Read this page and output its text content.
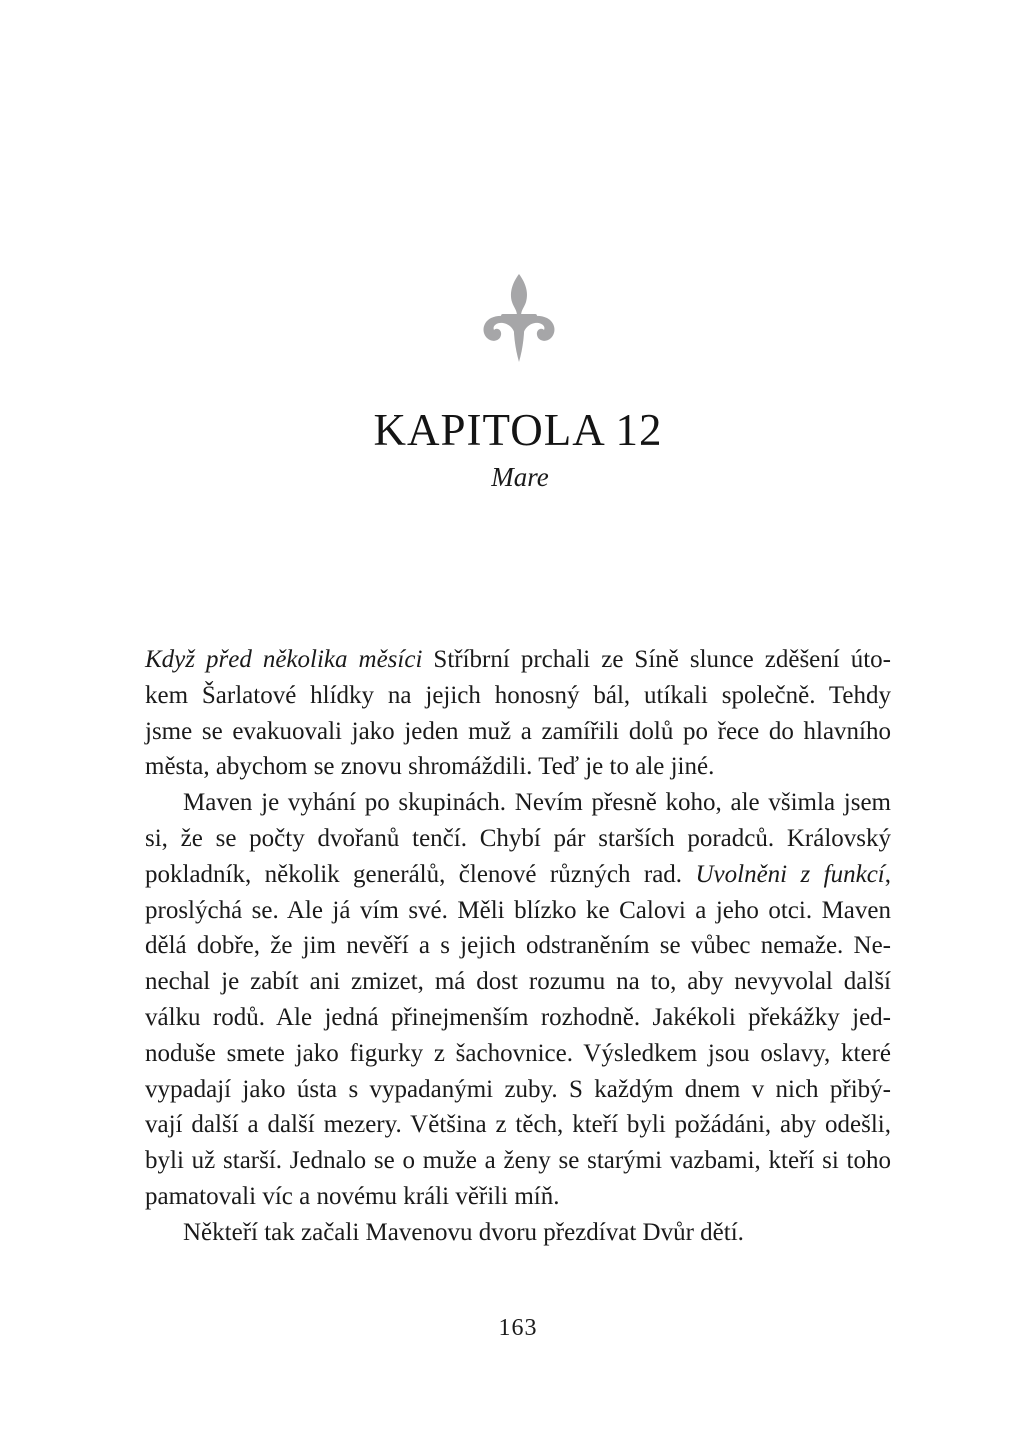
KAPITOLA 12
Mare
Když před několika měsíci Stříbrní prchali ze Síně slunce zděšení úto-
kem Šarlatové hlídky na jejich honosný bál, utíkali společně. Tehdy
jsme se evakuovali jako jeden muž a zamířili dolů po řece do hlavního
města, abychom se znovu shromáždili. Teď je to ale jiné.
Maven je vyhání po skupinách. Nevím přesně koho, ale všimla jsem
si, že se počty dvořanů tenčí. Chybí pár starších poradců. Královský
pokladník, několik generálů, členové různých rad. Uvolněni z funkcí,
proslýchá se. Ale já vím své. Měli blízko ke Calovi a jeho otci. Maven
dělá dobře, že jim nevěří a s jejich odstraněním se vůbec nemaže. Ne-
nechal je zabít ani zmizet, má dost rozumu na to, aby nevyvolal další
válku rodů. Ale jedná přinejmenším rozhodně. Jakékoli překážky jed-
noduše smete jako figurky z šachovnice. Výsledkem jsou oslavy, které
vypadají jako ústa s vypadanými zuby. S každým dnem v nich přibý-
vají další a další mezery. Většina z těch, kteří byli požádáni, aby odešli,
byli už starší. Jednalo se o muže a ženy se starými vazbami, kteří si toho
pamatovali víc a novému králi věřili míň.
Někteří tak začali Mavenovu dvoru přezdívat Dvůr dětí.
163
